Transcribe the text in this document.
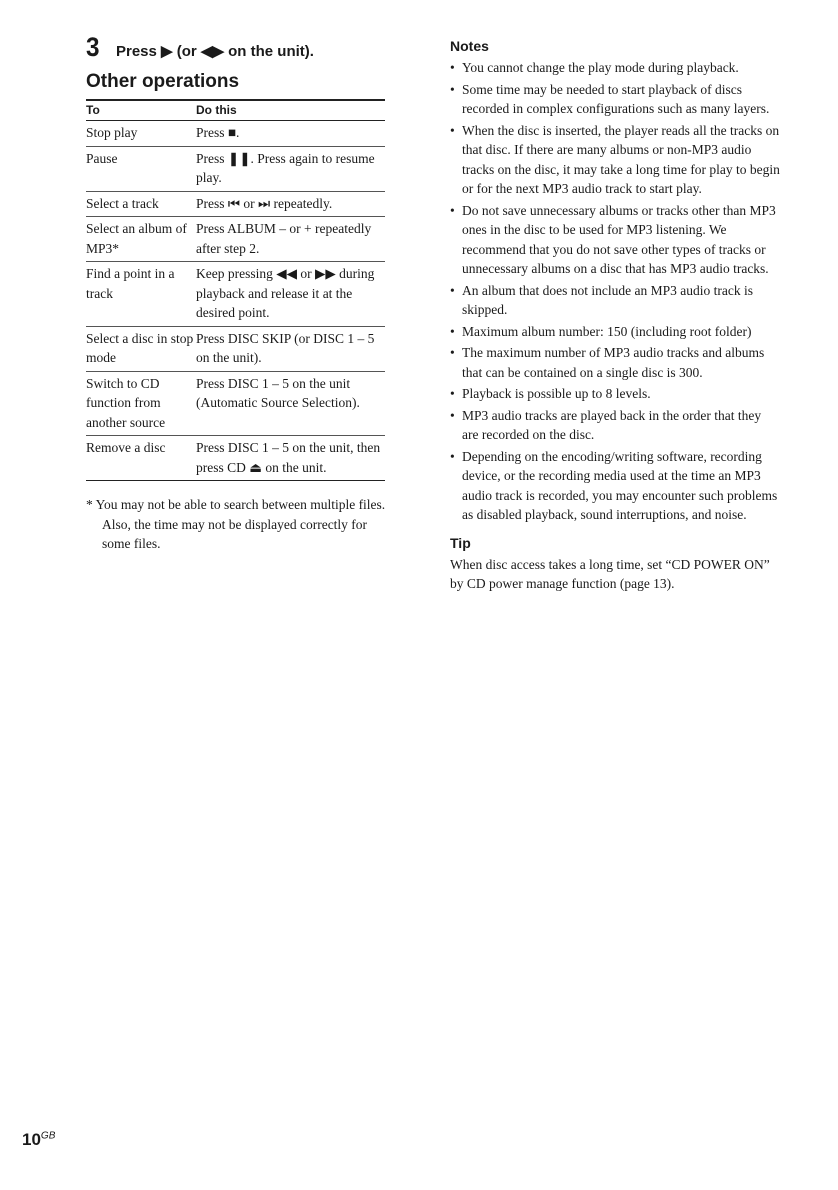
3	Press ▶ (or ◀▶ on the unit).
Other operations
To	Do this
Stop play	Press ■.
Pause	Press ❚❚. Press again to resume play.
Select a track	Press ⏮ or ⏭ repeatedly.
Select an album of MP3*	Press ALBUM – or + repeatedly after step 2.
Find a point in a track	Keep pressing ◀◀ or ▶▶ during playback and release it at the desired point.
Select a disc in stop mode	Press DISC SKIP (or DISC 1 – 5 on the unit).
Switch to CD function from another source	Press DISC 1 – 5 on the unit (Automatic Source Selection).
Remove a disc	Press DISC 1 – 5 on the unit, then press CD ⏏ on the unit.

* You may not be able to search between multiple files. Also, the time may not be displayed correctly for some files.

Notes
• You cannot change the play mode during playback.
• Some time may be needed to start playback of discs recorded in complex configurations such as many layers.
• When the disc is inserted, the player reads all the tracks on that disc. If there are many albums or non-MP3 audio tracks on the disc, it may take a long time for play to begin or for the next MP3 audio track to start play.
• Do not save unnecessary albums or tracks other than MP3 ones in the disc to be used for MP3 listening. We recommend that you do not save other types of tracks or unnecessary albums on a disc that has MP3 audio tracks.
• An album that does not include an MP3 audio track is skipped.
• Maximum album number: 150 (including root folder)
• The maximum number of MP3 audio tracks and albums that can be contained on a single disc is 300.
• Playback is possible up to 8 levels.
• MP3 audio tracks are played back in the order that they are recorded on the disc.
• Depending on the encoding/writing software, recording device, or the recording media used at the time an MP3 audio track is recorded, you may encounter such problems as disabled playback, sound interruptions, and noise.
Tip

When disc access takes a long time, set “CD POWER ON” by CD power manage function (page 13).

$10^{GB}$
